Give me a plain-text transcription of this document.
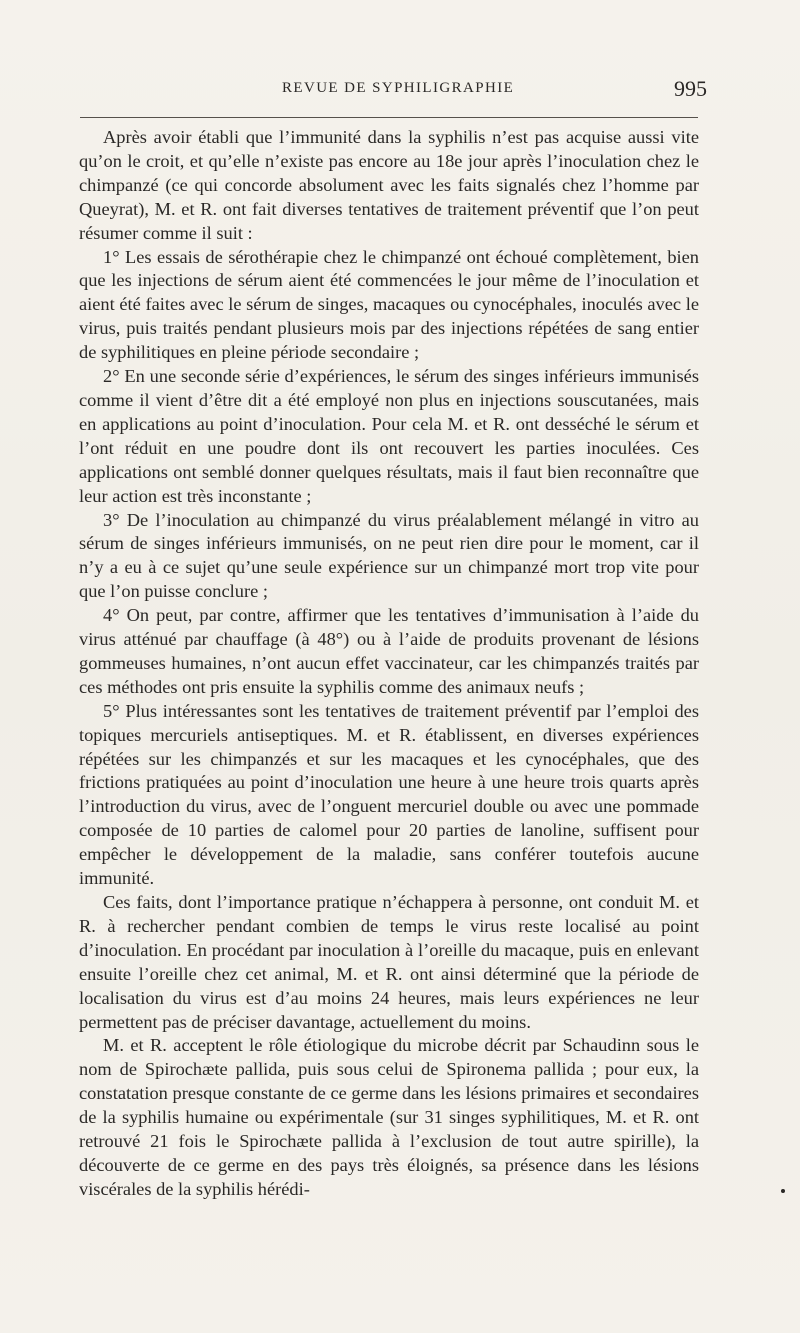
REVUE DE SYPHILIGRAPHIE	995

Après avoir établi que l’immunité dans la syphilis n’est pas acquise aussi vite qu’on le croit, et qu’elle n’existe pas encore au 18e jour après l’inoculation chez le chimpanzé (ce qui concorde absolument avec les faits signalés chez l’homme par Queyrat), M. et R. ont fait diverses tentatives de traitement préventif que l’on peut résumer comme il suit :

1° Les essais de sérothérapie chez le chimpanzé ont échoué complètement, bien que les injections de sérum aient été commencées le jour même de l’inoculation et aient été faites avec le sérum de singes, macaques ou cynocéphales, inoculés avec le virus, puis traités pendant plusieurs mois par des injections répétées de sang entier de syphilitiques en pleine période secondaire ;

2° En une seconde série d’expériences, le sérum des singes inférieurs immunisés comme il vient d’être dit a été employé non plus en injections souscutanées, mais en applications au point d’inoculation. Pour cela M. et R. ont desséché le sérum et l’ont réduit en une poudre dont ils ont recouvert les parties inoculées. Ces applications ont semblé donner quelques résultats, mais il faut bien reconnaître que leur action est très inconstante ;

3° De l’inoculation au chimpanzé du virus préalablement mélangé in vitro au sérum de singes inférieurs immunisés, on ne peut rien dire pour le moment, car il n’y a eu à ce sujet qu’une seule expérience sur un chimpanzé mort trop vite pour que l’on puisse conclure ;

4° On peut, par contre, affirmer que les tentatives d’immunisation à l’aide du virus atténué par chauffage (à 48°) ou à l’aide de produits provenant de lésions gommeuses humaines, n’ont aucun effet vaccinateur, car les chimpanzés traités par ces méthodes ont pris ensuite la syphilis comme des animaux neufs ;

5° Plus intéressantes sont les tentatives de traitement préventif par l’emploi des topiques mercuriels antiseptiques. M. et R. établissent, en diverses expériences répétées sur les chimpanzés et sur les macaques et les cynocéphales, que des frictions pratiquées au point d’inoculation une heure à une heure trois quarts après l’introduction du virus, avec de l’onguent mercuriel double ou avec une pommade composée de 10 parties de calomel pour 20 parties de lanoline, suffisent pour empêcher le développement de la maladie, sans conférer toutefois aucune immunité.

Ces faits, dont l’importance pratique n’échappera à personne, ont conduit M. et R. à rechercher pendant combien de temps le virus reste localisé au point d’inoculation. En procédant par inoculation à l’oreille du macaque, puis en enlevant ensuite l’oreille chez cet animal, M. et R. ont ainsi déterminé que la période de localisation du virus est d’au moins 24 heures, mais leurs expériences ne leur permettent pas de préciser davantage, actuellement du moins.

M. et R. acceptent le rôle étiologique du microbe décrit par Schaudinn sous le nom de Spirochæte pallida, puis sous celui de Spironema pallida ; pour eux, la constatation presque constante de ce germe dans les lésions primaires et secondaires de la syphilis humaine ou expérimentale (sur 31 singes syphilitiques, M. et R. ont retrouvé 21 fois le Spirochæte pallida à l’exclusion de tout autre spirille), la découverte de ce germe en des pays très éloignés, sa présence dans les lésions viscérales de la syphilis hérédi-
